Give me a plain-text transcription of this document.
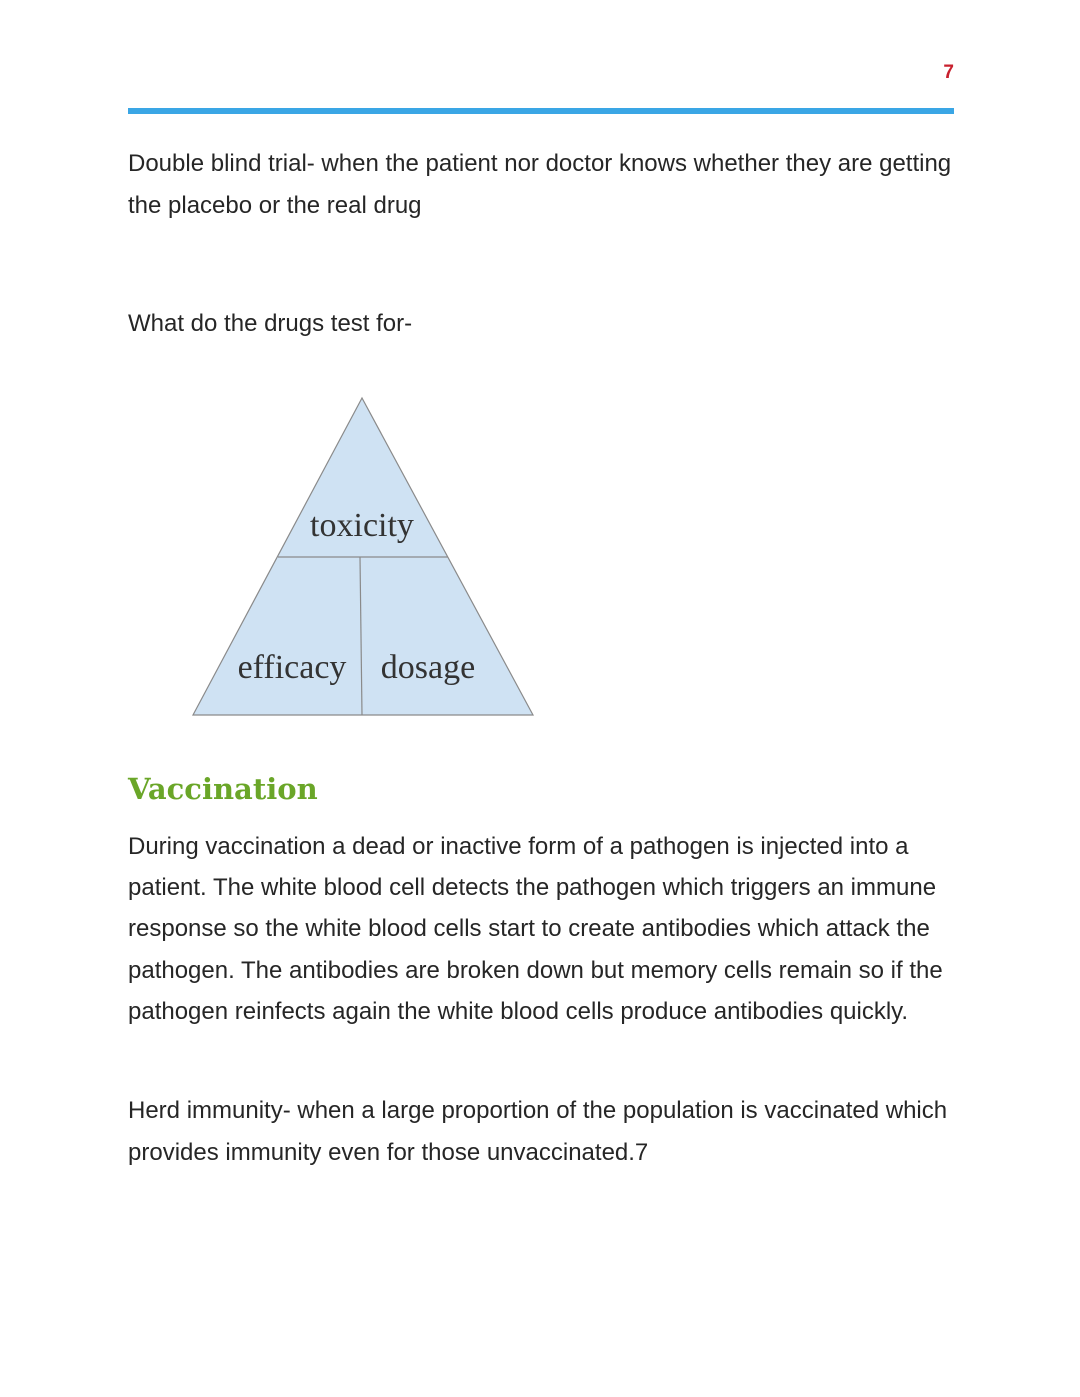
7

Double blind trial- when the patient nor doctor knows whether they are getting the placebo or the real drug

What do the drugs test for-

toxicity
efficacy dosage
Vaccination

During vaccination a dead or inactive form of a pathogen is injected into a patient. The white blood cell detects the pathogen which triggers an immune response so the white blood cells start to create antibodies which attack the pathogen. The antibodies are broken down but memory cells remain so if the pathogen reinfects again the white blood cells produce antibodies quickly.

Herd immunity- when a large proportion of the population is vaccinated which provides immunity even for those unvaccinated.7
